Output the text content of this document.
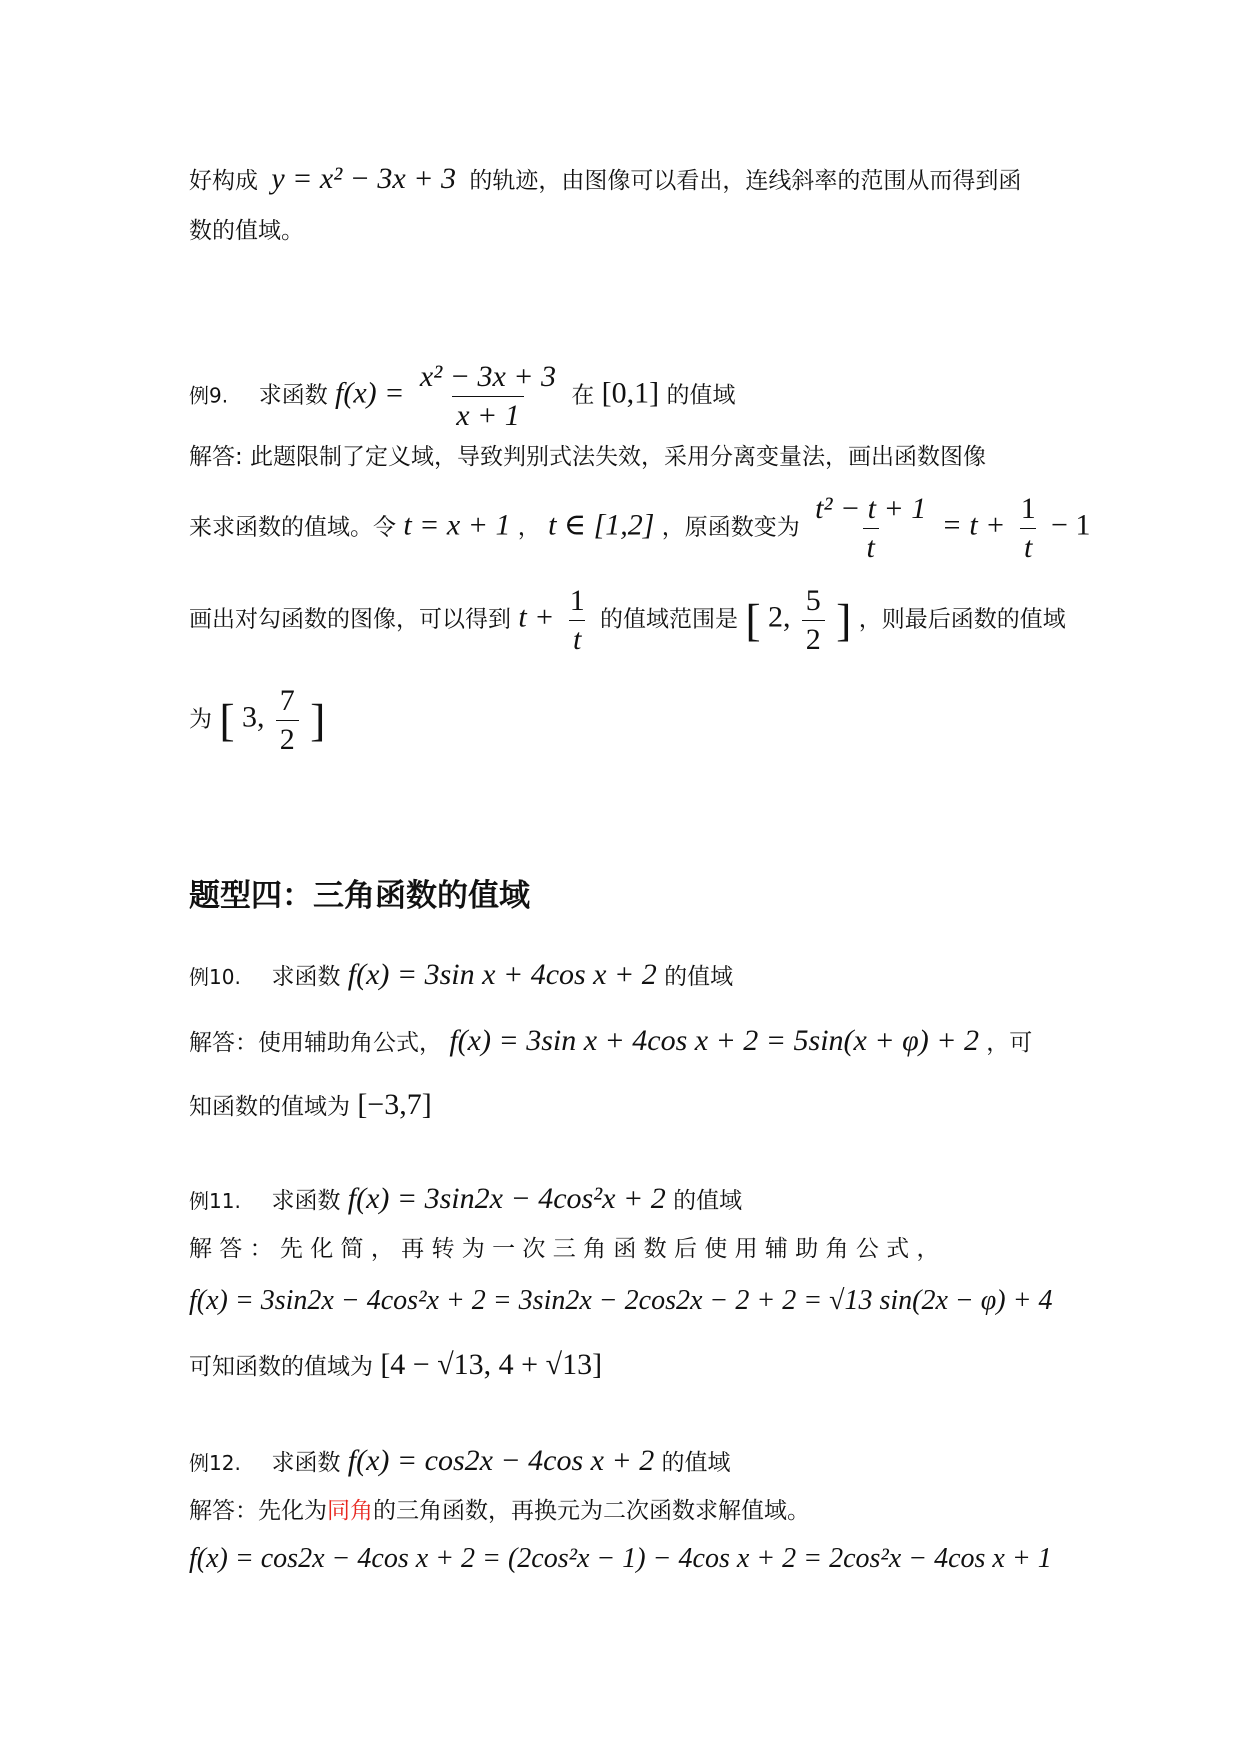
好构成 y = x² − 3x + 3 的轨迹，由图像可以看出，连线斜率的范围从而得到函
数的值域。
例9. 求函数 $f(x) = \frac{\text{x² − 3x + 3}}{x + 1}$ 在 [0,1] 的值域
解答: 此题限制了定义域，导致判别式法失效，采用分离变量法，画出函数图像
来求函数的值域。令 t = x + 1 ， t ∈ [1,2] ，原函数变为 $\frac{\text{t² − t + 1}}{t} = t + \frac{1}{t} - 1$
画出对勾函数的图像，可以得到 $t + \frac{1}{t}$ 的值域范围是 [ 2, $\frac{5}{2}$ ] ，则最后函数的值域
为 [ 3, $\frac{7}{2}$ ]
题型四：三角函数的值域
例10. 求函数 f(x) = 3sin x + 4cos x + 2 的值域
解答：使用辅助角公式， f(x) = 3sin x + 4cos x + 2 = 5sin(x + φ) + 2 ，可
知函数的值域为 [−3,7]
例11. 求函数 f(x) = 3sin2x − 4cos²x + 2 的值域
解 答 ： 先 化 简 ， 再 转 为 一 次 三 角 函 数 后 使 用 辅 助 角 公 式 ，
f(x) = 3sin2x − 4cos²x + 2 = 3sin2x − 2cos2x − 2 + 2 = √13 sin(2x − φ) + 4
可知函数的值域为 [4 − √13, 4 + √13]
例12. 求函数 f(x) = cos2x − 4cos x + 2 的值域
解答：先化为同角的三角函数，再换元为二次函数求解值域。
f(x) = cos2x − 4cos x + 2 = (2cos²x − 1) − 4cos x + 2 = 2cos²x − 4cos x + 1
